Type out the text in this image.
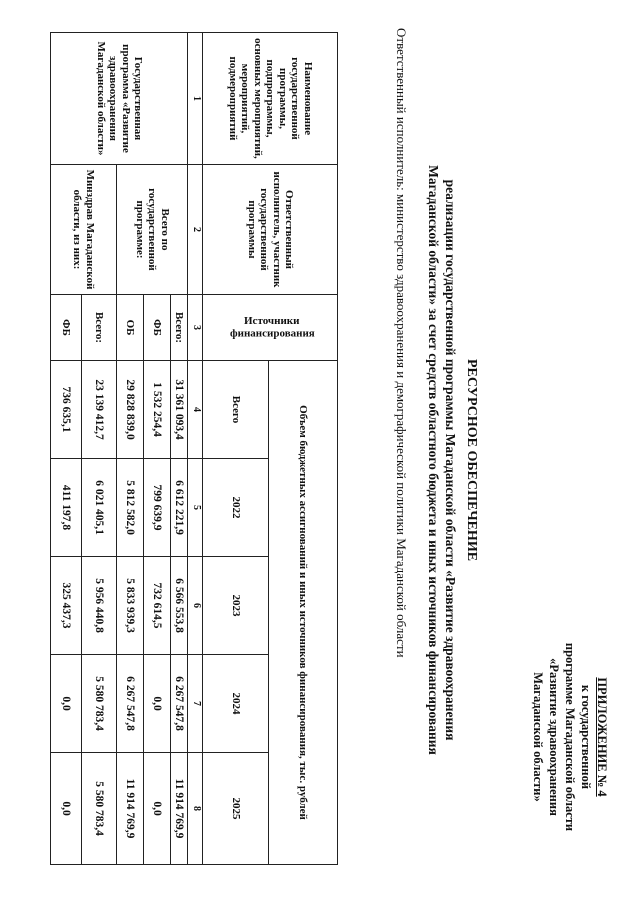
ПРИЛОЖЕНИЕ № 4
к государственной
программе Магаданской области
«Развитие здравоохранения
Магаданской области»
РЕСУРСНОЕ ОБЕСПЕЧЕНИЕ
реализации государственной программы Магаданской области «Развитие здравоохранения
Магаданской области» за счет средств областного бюджета и иных источников финансирования
Ответственный исполнитель: министерство здравоохранения и демографической политики Магаданской области
Наименование государственной программы, подпрограммы, основных мероприятий, мероприятий, подмероприятий	Ответственный исполнитель, участник государственной программы	Источники финансирования	Объем бюджетных ассигнований и иных источников финансирования, тыс. рублей				
			Всего	2022	2023	2024	2025
1	2	3	4	5	6	7	8
Государственная программа «Развитие здравоохранения Магаданской области»	Всего по государственной программе:	Всего:	31 361 093,4	6 612 221,9	6 566 553,8	6 267 547,8	11 914 769,9
		ФБ	1 532 254,4	799 639,9	732 614,5	0,0	0,0
		ОБ	29 828 839,0	5 812 582,0	5 833 939,3	6 267 547,8	11 914 769,9
	Минздрав Магаданской области, из них:	Всего:	23 139 412,7	6 021 405,1	5 956 440,8	5 580 783,4	5 580 783,4
		ФБ	736 635,1	411 197,8	325 437,3	0,0	0,0
